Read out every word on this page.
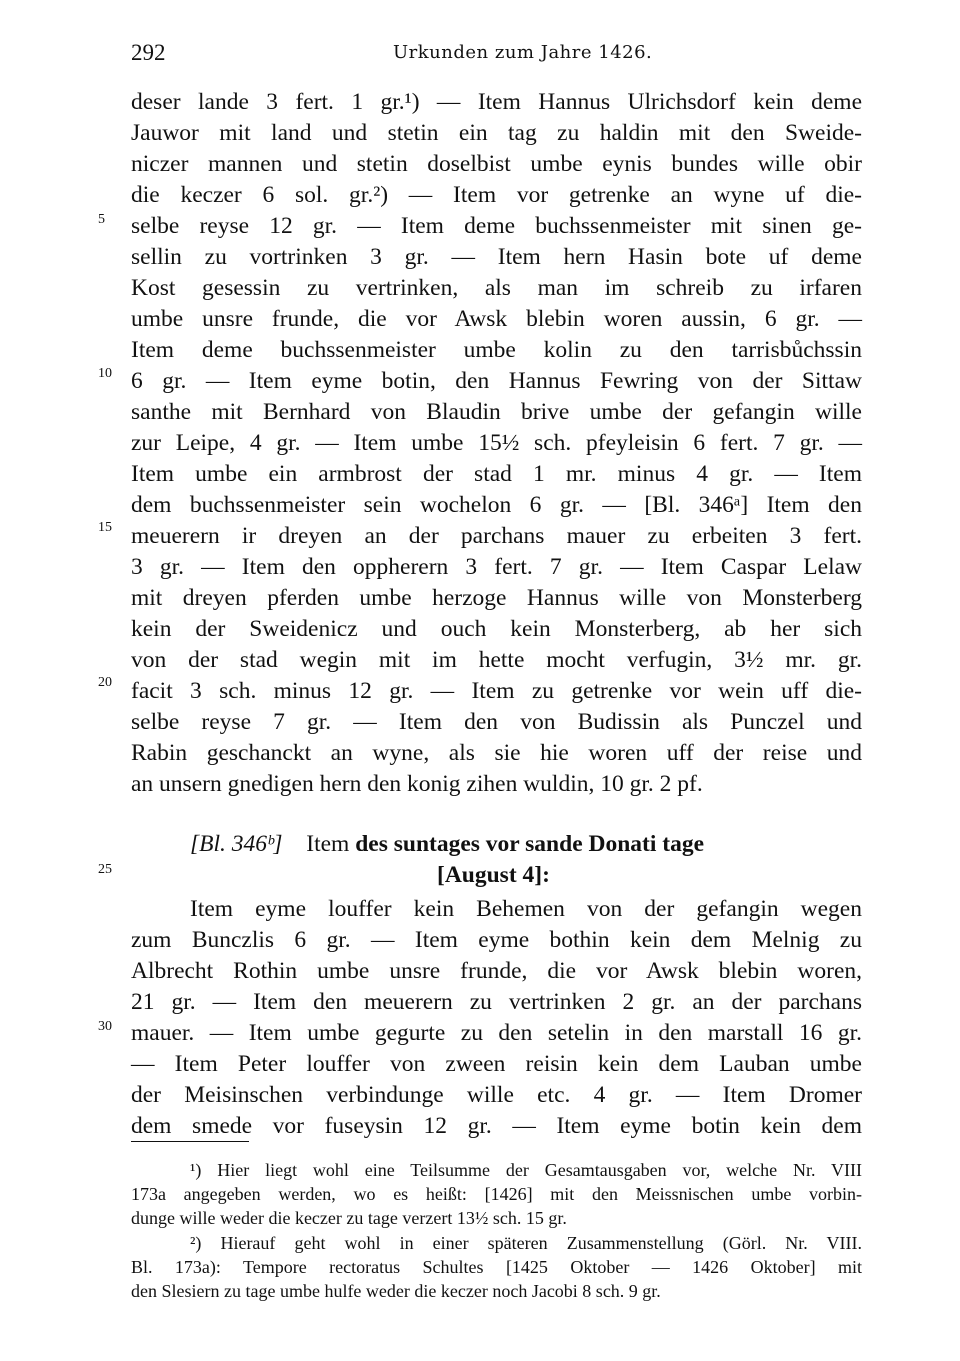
292	Urkunden zum Jahre 1426.
deser lande 3 fert. 1 gr.¹) — Item Hannus Ulrichsdorf kein deme
Jauwor mit land und stetin ein tag zu haldin mit den Sweide-
niczer mannen und stetin doselbist umbe eynis bundes wille obir
die keczer 6 sol. gr.²) — Item vor getrenke an wyne uf die-
selbe reyse 12 gr. — Item deme buchssenmeister mit sinen ge-
sellin zu vortrinken 3 gr. — Item hern Hasin bote uf deme
Kost gesessin zu vertrinken, als man im schreib zu irfaren
umbe unsre frunde, die vor Awsk blebin woren aussin, 6 gr. —
Item deme buchssenmeister umbe kolin zu den tarrisbůchssin
6 gr. — Item eyme botin, den Hannus Fewring von der Sittaw
santhe mit Bernhard von Blaudin brive umbe der gefangin wille
zur Leipe, 4 gr. — Item umbe 15½ sch. pfeyleisin 6 fert. 7 gr. —
Item umbe ein armbrost der stad 1 mr. minus 4 gr. — Item
dem buchssenmeister sein wochelon 6 gr. — [Bl. 346ᵃ] Item den
meuerern ir dreyen an der parchans mauer zu erbeiten 3 fert.
3 gr. — Item den oppherern 3 fert. 7 gr. — Item Caspar Lelaw
mit dreyen pferden umbe herzoge Hannus wille von Monsterberg
kein der Sweidenicz und ouch kein Monsterberg, ab her sich
von der stad wegin mit im hette mocht verfugin, 3½ mr. gr.
facit 3 sch. minus 12 gr. — Item zu getrenke vor wein uff die-
selbe reyse 7 gr. — Item den von Budissin als Punczel und
Rabin geschanckt an wyne, als sie hie woren uff der reise und
an unsern gnedigen hern den konig zihen wuldin, 10 gr. 2 pf.
5
10
15
20
[Bl. 346ᵇ] Item des suntages vor sande Donati tage
[August 4]:
25
Item eyme louffer kein Behemen von der gefangin wegen
zum Bunczlis 6 gr. — Item eyme bothin kein dem Melnig zu
Albrecht Rothin umbe unsre frunde, die vor Awsk blebin woren,
21 gr. — Item den meuerern zu vertrinken 2 gr. an der parchans
mauer. — Item umbe gegurte zu den setelin in den marstall 16 gr.
— Item Peter louffer von zween reisin kein dem Lauban umbe
der Meisinschen verbindunge wille etc. 4 gr. — Item Dromer
dem smede vor fuseysin 12 gr. — Item eyme botin kein dem
30
¹) Hier liegt wohl eine Teilsumme der Gesamtausgaben vor, welche Nr. VIII
173a angegeben werden, wo es heißt: [1426] mit den Meissnischen umbe vorbin-
dunge wille weder die keczer zu tage verzert 13½ sch. 15 gr.
²) Hierauf geht wohl in einer späteren Zusammenstellung (Görl. Nr. VIII.
Bl. 173a): Tempore rectoratus Schultes [1425 Oktober — 1426 Oktober] mit
den Slesiern zu tage umbe hulfe weder die keczer noch Jacobi 8 sch. 9 gr.
